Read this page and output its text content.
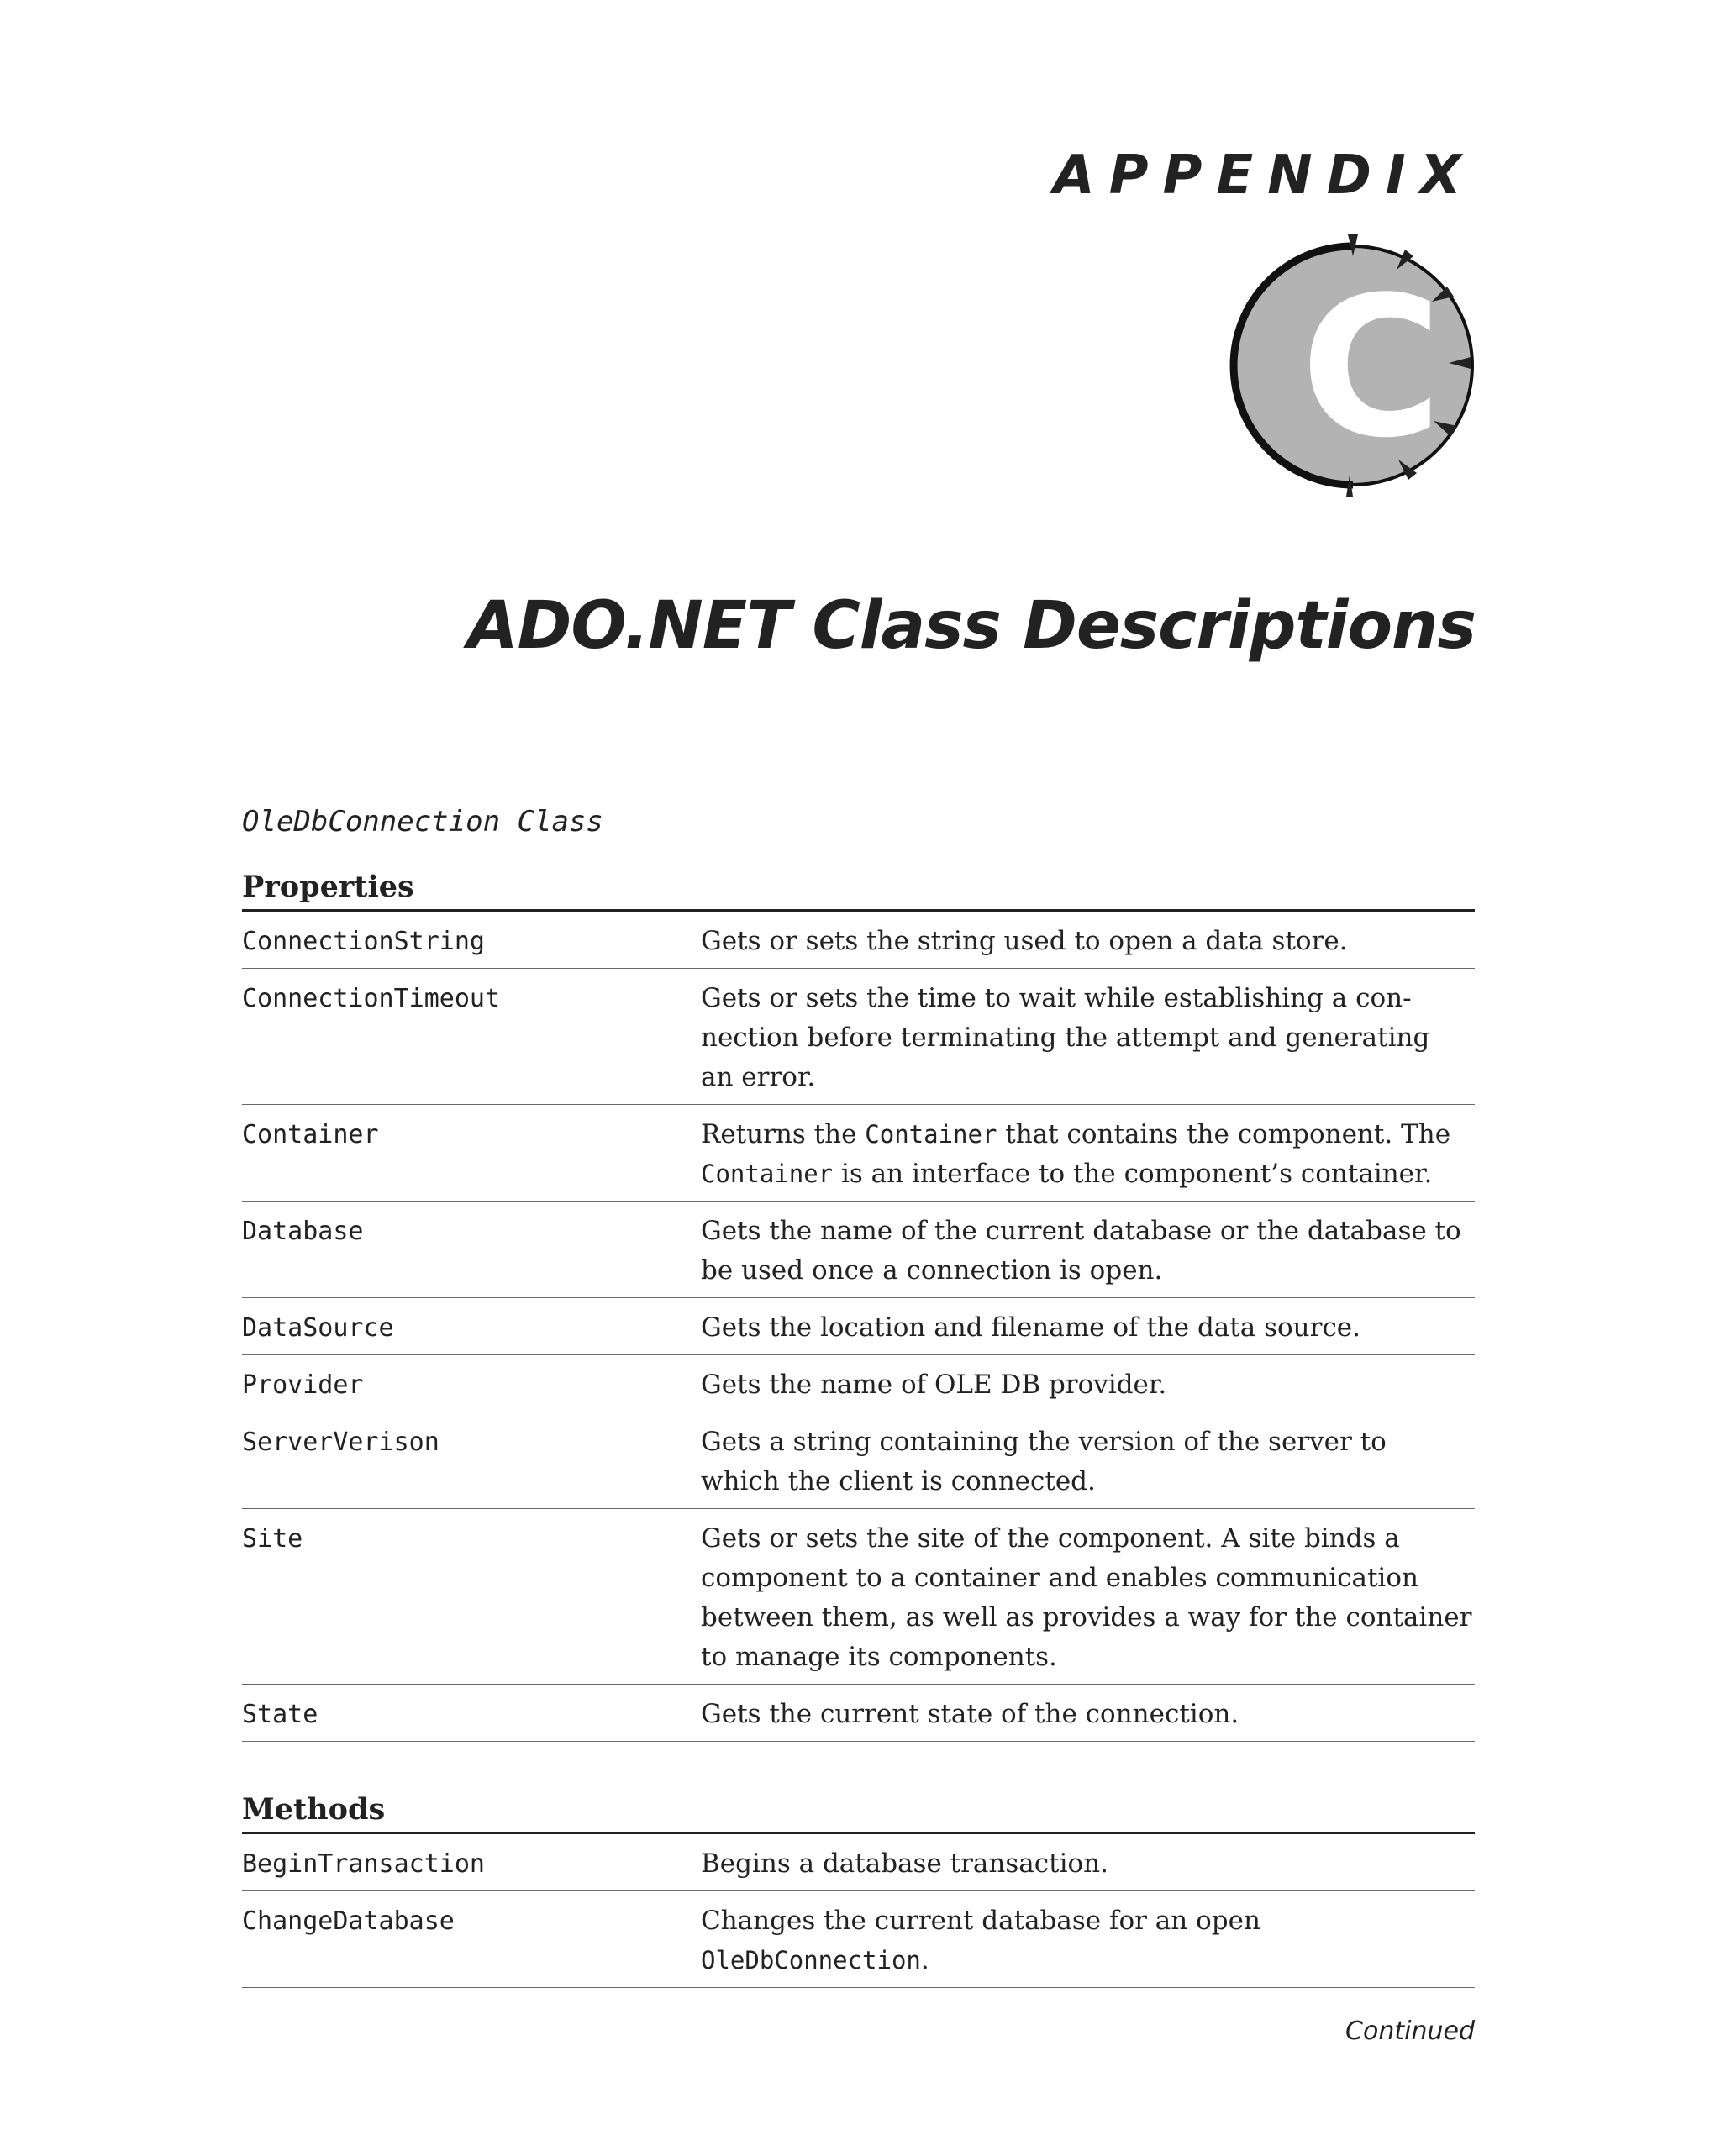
APPENDIX
C
ADO.NET Class Descriptions
OleDbConnection Class
Properties
ConnectionString	Gets or sets the string used to open a data store.
ConnectionTimeout	Gets or sets the time to wait while establishing a con-
nection before terminating the attempt and generating
an error.
Container	Returns the Container that contains the component. The
Container is an interface to the component’s container.
Database	Gets the name of the current database or the database to
be used once a connection is open.
DataSource	Gets the location and filename of the data source.
Provider	Gets the name of OLE DB provider.
ServerVerison	Gets a string containing the version of the server to
which the client is connected.
Site	Gets or sets the site of the component. A site binds a
component to a container and enables communication
between them, as well as provides a way for the container
to manage its components.
State	Gets the current state of the connection.
Methods
BeginTransaction	Begins a database transaction.
ChangeDatabase	Changes the current database for an open
OleDbConnection.
Continued
